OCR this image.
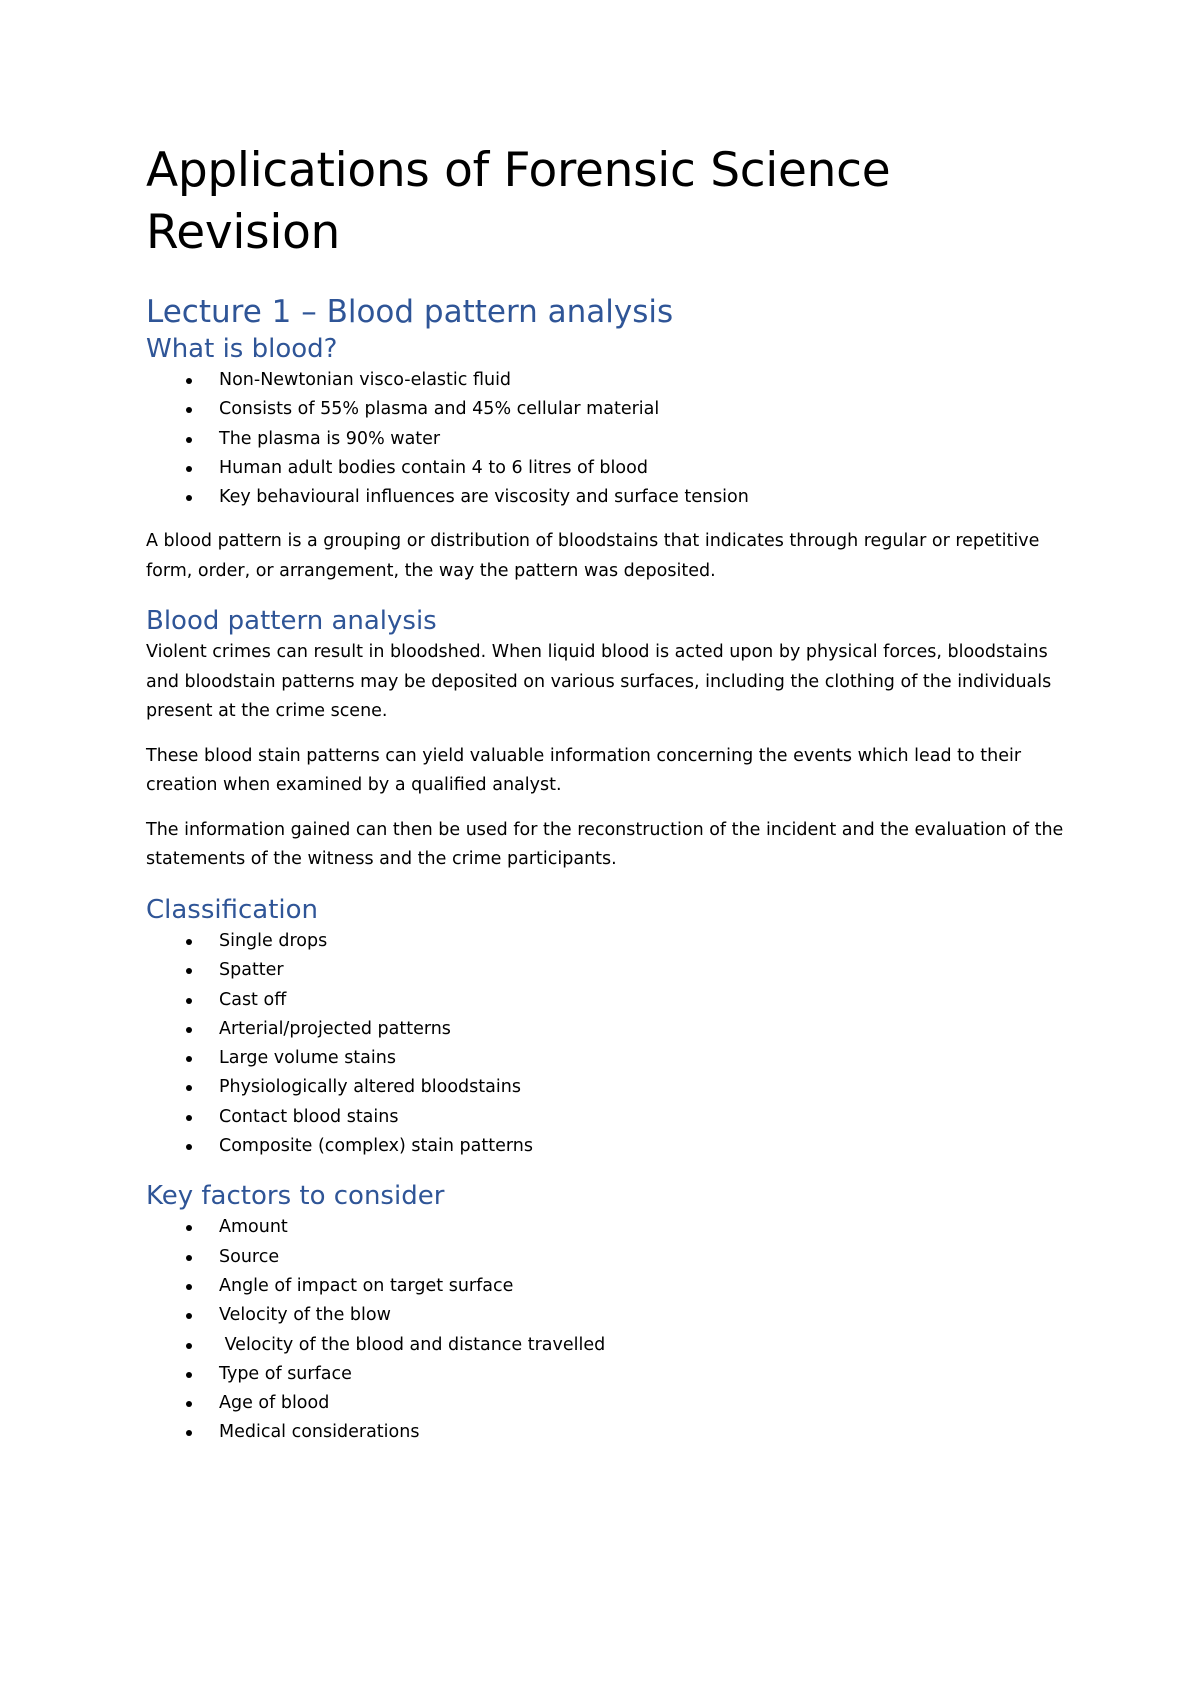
Applications of Forensic Science Revision
Lecture 1 – Blood pattern analysis
What is blood?
Non-Newtonian visco-elastic fluid
Consists of 55% plasma and 45% cellular material
The plasma is 90% water
Human adult bodies contain 4 to 6 litres of blood
Key behavioural influences are viscosity and surface tension

A blood pattern is a grouping or distribution of bloodstains that indicates through regular or repetitive form, order, or arrangement, the way the pattern was deposited.

Blood pattern analysis

Violent crimes can result in bloodshed. When liquid blood is acted upon by physical forces, bloodstains and bloodstain patterns may be deposited on various surfaces, including the clothing of the individuals present at the crime scene.

These blood stain patterns can yield valuable information concerning the events which lead to their creation when examined by a qualified analyst.

The information gained can then be used for the reconstruction of the incident and the evaluation of the statements of the witness and the crime participants.

Classification
Single drops
Spatter
Cast off
Arterial/projected patterns
Large volume stains
Physiologically altered bloodstains
Contact blood stains
Composite (complex) stain patterns
Key factors to consider
Amount
Source
Angle of impact on target surface
Velocity of the blow
Velocity of the blood and distance travelled
Type of surface
Age of blood
Medical considerations
